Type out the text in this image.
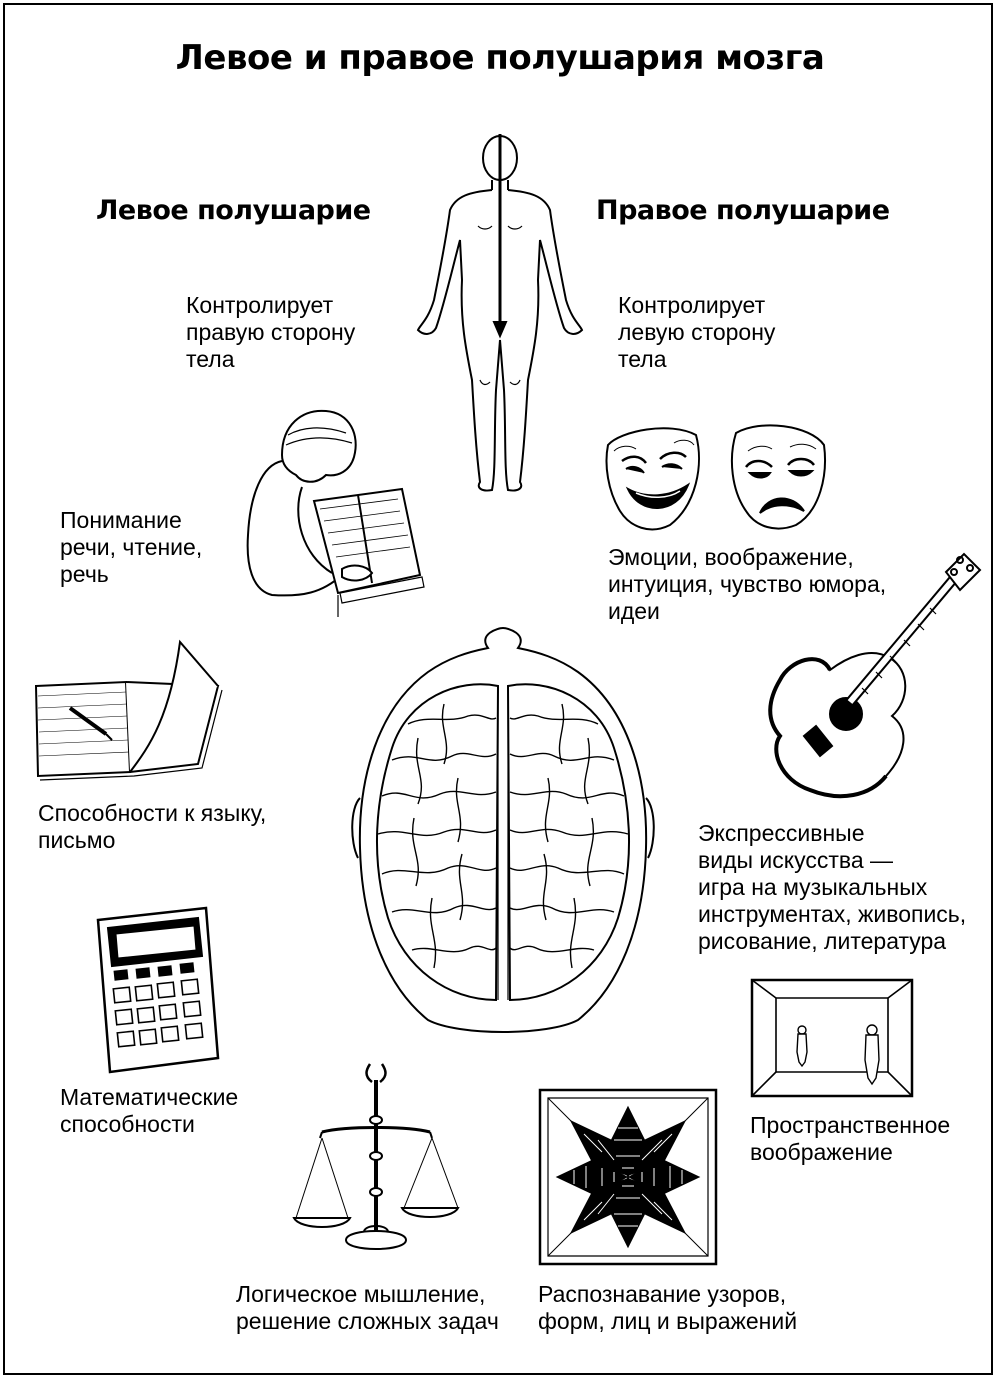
Левое и правое полушария мозга
Левое полушарие	Правое полушарие
Контролирует
правую сторону
тела
Контролирует
левую сторону
тела
Понимание
речи, чтение,
речь
Эмоции, воображение,
интуиция, чувство юмора,
идеи
Способности к языку,
письмо	Экспрессивные
виды искусства —
игра на музыкальных
инструментах, живопись,
рисование, литература
Математические
способности	Пространственное
воображение
Логическое мышление,
решение сложных задач
Распознавание узоров,
форм, лиц и выражений
